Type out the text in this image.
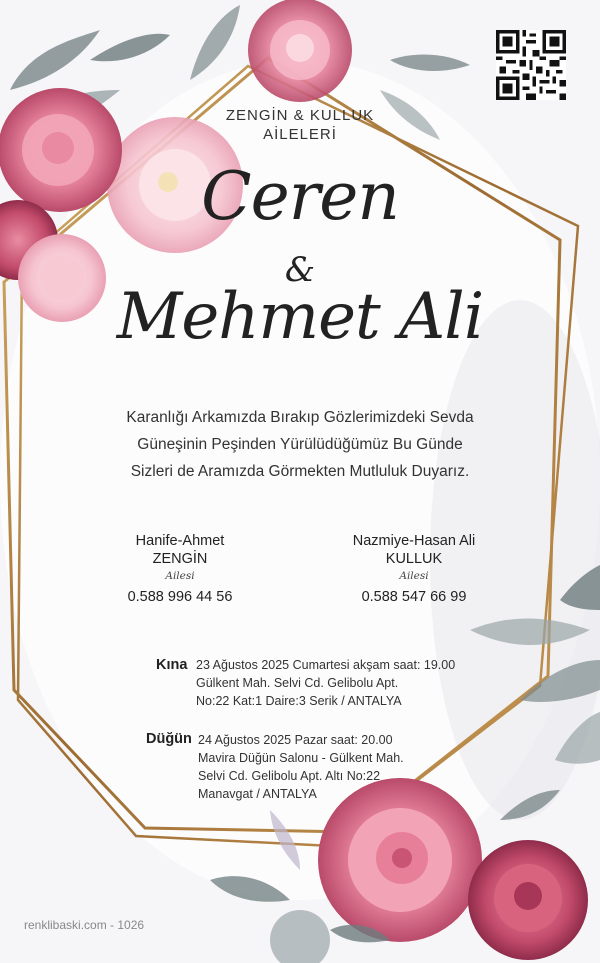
ZENGİN & KULLUK
AİLELERİ
Ceren
&
Mehmet Ali
Karanlığı Arkamızda Bırakıp Gözlerimizdeki Sevda
Güneşinin Peşinden Yürülüdüğümüz Bu Günde
Sizleri de Aramızda Görmekten Mutluluk Duyarız.
Hanife-Ahmet
ZENGİN
Ailesi
0.588 996 44 56
Nazmiye-Hasan Ali
KULLUK
Ailesi
0.588 547 66 99
Kına 23 Ağustos 2025 Cumartesi akşam saat: 19.00
Gülkent Mah. Selvi Cd. Gelibolu Apt.
No:22 Kat:1 Daire:3 Serik / ANTALYA
Düğün 24 Ağustos 2025 Pazar saat: 20.00
Mavira Düğün Salonu - Gülkent Mah.
Selvi Cd. Gelibolu Apt. Altı No:22
Manavgat / ANTALYA
renklibaski.com - 1026
